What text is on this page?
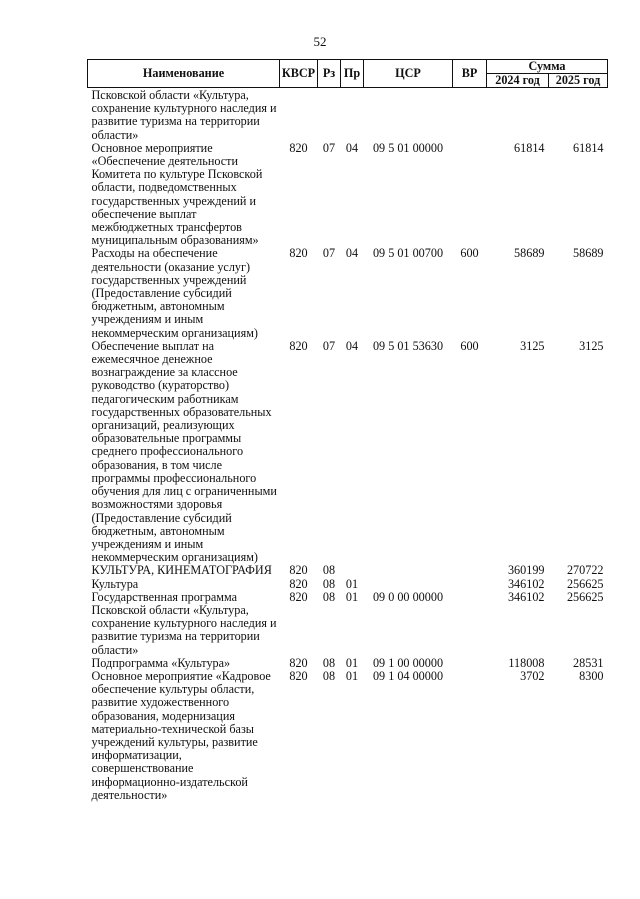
52
Наименование	КВСР	Рз	Пр	ЦСР	ВР	Сумма	
						2024 год	2025 год
Псковской области «Культура, сохранение культурного наследия и развитие туризма на территории области»							
Основное мероприятие «Обеспечение деятельности Комитета по культуре Псковской области, подведомственных государственных учреждений и обеспечение выплат межбюджетных трансфертов муниципальным образованиям»	820	07	04	09 5 01 00000		61814	61814
Расходы на обеспечение деятельности (оказание услуг) государственных учреждений (Предоставление субсидий бюджетным, автономным учреждениям и иным некоммерческим организациям)	820	07	04	09 5 01 00700	600	58689	58689
Обеспечение выплат на ежемесячное денежное вознаграждение за классное руководство (кураторство) педагогическим работникам государственных образовательных организаций, реализующих образовательные программы среднего профессионального образования, в том числе программы профессионального обучения для лиц с ограниченными возможностями здоровья (Предоставление субсидий бюджетным, автономным учреждениям и иным некоммерческим организациям)	820	07	04	09 5 01 53630	600	3125	3125
КУЛЬТУРА, КИНЕМАТОГРАФИЯ	820	08				360199	270722
Культура	820	08	01			346102	256625
Государственная программа Псковской области «Культура, сохранение культурного наследия и развитие туризма на территории области»	820	08	01	09 0 00 00000		346102	256625
Подпрограмма «Культура»	820	08	01	09 1 00 00000		118008	28531
Основное мероприятие «Кадровое обеспечение культуры области, развитие художественного образования, модернизация материально-технической базы учреждений культуры, развитие информатизации, совершенствование информационно-издательской деятельности»	820	08	01	09 1 04 00000		3702	8300
